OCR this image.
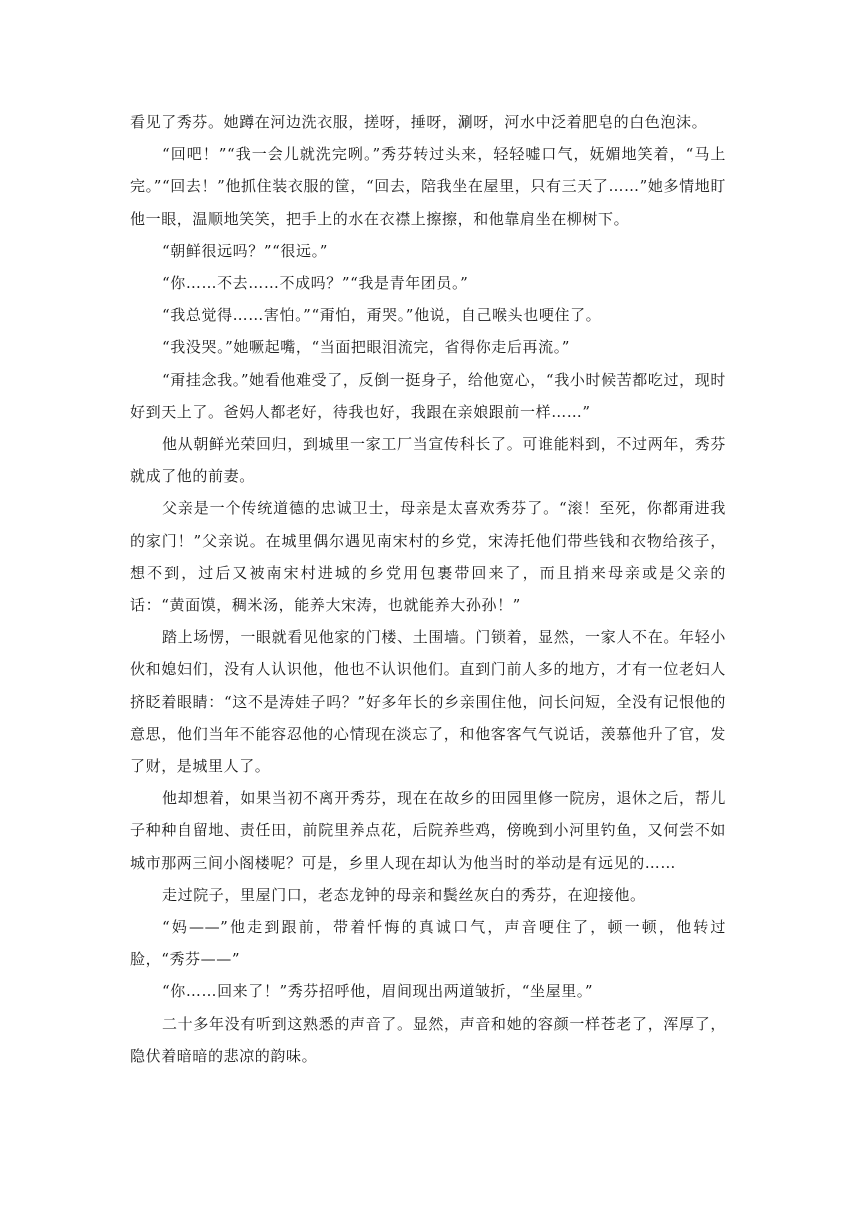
看见了秀芬。她蹲在河边洗衣服，搓呀，捶呀，涮呀，河水中泛着肥皂的白色泡沫。

“回吧！”“我一会儿就洗完咧。”秀芬转过头来，轻轻嘘口气，妩媚地笑着，“马上完。”“回去！”他抓住装衣服的筐，“回去，陪我坐在屋里，只有三天了……”她多情地盯他一眼，温顺地笑笑，把手上的水在衣襟上擦擦，和他靠肩坐在柳树下。

“朝鲜很远吗？”“很远。”

“你……不去……不成吗？”“我是青年团员。”

“我总觉得……害怕。”“甭怕，甭哭。”他说，自己喉头也哽住了。

“我没哭。”她噘起嘴，“当面把眼泪流完，省得你走后再流。”

“甭挂念我。”她看他难受了，反倒一挺身子，给他宽心，“我小时候苦都吃过，现时好到天上了。爸妈人都老好，待我也好，我跟在亲娘跟前一样……”

他从朝鲜光荣回归，到城里一家工厂当宣传科长了。可谁能料到，不过两年，秀芬就成了他的前妻。

父亲是一个传统道德的忠诚卫士，母亲是太喜欢秀芬了。“滚！至死，你都甭进我的家门！”父亲说。在城里偶尔遇见南宋村的乡党，宋涛托他们带些钱和衣物给孩子，想不到，过后又被南宋村进城的乡党用包裹带回来了，而且捎来母亲或是父亲的话：“黄面馍，稠米汤，能养大宋涛，也就能养大孙孙！”

踏上场愣，一眼就看见他家的门楼、土围墙。门锁着，显然，一家人不在。年轻小伙和媳妇们，没有人认识他，他也不认识他们。直到门前人多的地方，才有一位老妇人挤眨着眼睛：“这不是涛娃子吗？”好多年长的乡亲围住他，问长问短，全没有记恨他的意思，他们当年不能容忍他的心情现在淡忘了，和他客客气气说话，羡慕他升了官，发了财，是城里人了。

他却想着，如果当初不离开秀芬，现在在故乡的田园里修一院房，退休之后，帮儿子种种自留地、责任田，前院里养点花，后院养些鸡，傍晚到小河里钓鱼，又何尝不如城市那两三间小阁楼呢？可是，乡里人现在却认为他当时的举动是有远见的……

走过院子，里屋门口，老态龙钟的母亲和鬓丝灰白的秀芬，在迎接他。

“妈——”他走到跟前，带着忏悔的真诚口气，声音哽住了，顿一顿，他转过脸，“秀芬——”

“你……回来了！”秀芬招呼他，眉间现出两道皱折，“坐屋里。”

二十多年没有听到这熟悉的声音了。显然，声音和她的容颜一样苍老了，浑厚了，隐伏着暗暗的悲凉的韵味。
